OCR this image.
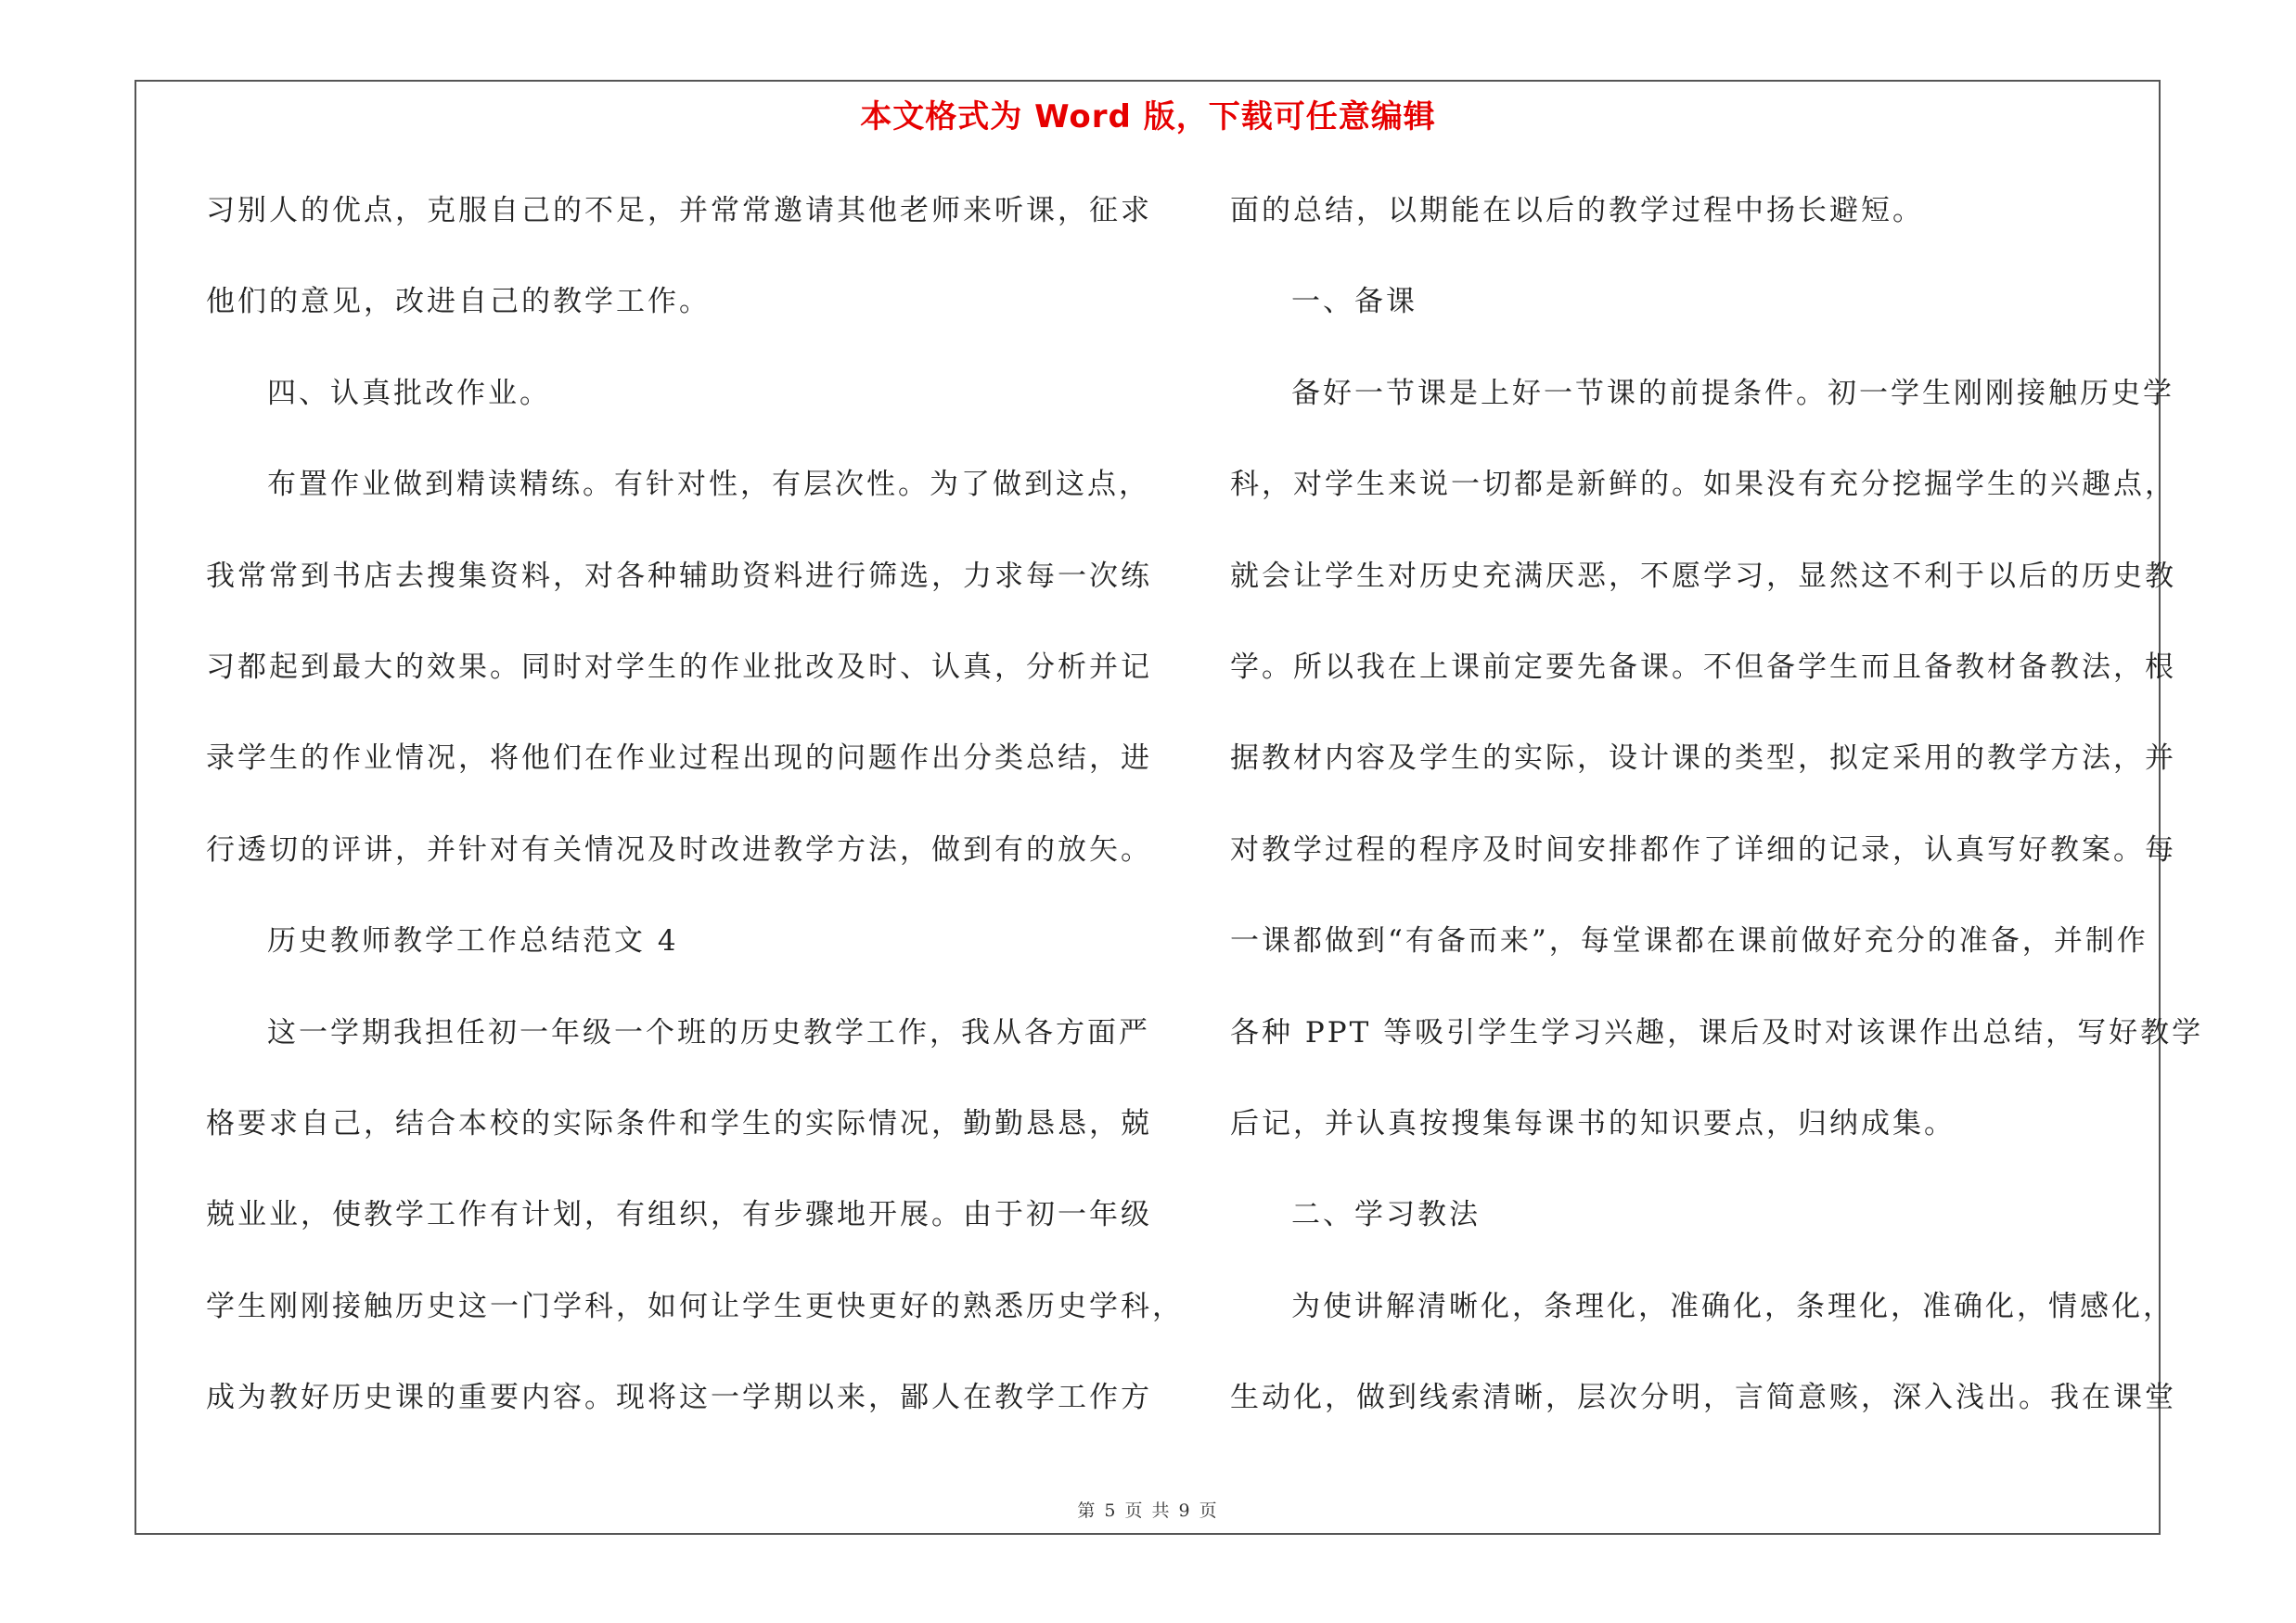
本文格式为 Word 版，下载可任意编辑
习别人的优点，克服自己的不足，并常常邀请其他老师来听课，征求
他们的意见，改进自己的教学工作。
四、认真批改作业。
布置作业做到精读精练。有针对性，有层次性。为了做到这点，
我常常到书店去搜集资料，对各种辅助资料进行筛选，力求每一次练
习都起到最大的效果。同时对学生的作业批改及时、认真，分析并记
录学生的作业情况，将他们在作业过程出现的问题作出分类总结，进
行透切的评讲，并针对有关情况及时改进教学方法，做到有的放矢。
历史教师教学工作总结范文 4
这一学期我担任初一年级一个班的历史教学工作，我从各方面严
格要求自己，结合本校的实际条件和学生的实际情况，勤勤恳恳，兢
兢业业，使教学工作有计划，有组织，有步骤地开展。由于初一年级
学生刚刚接触历史这一门学科，如何让学生更快更好的熟悉历史学科，
成为教好历史课的重要内容。现将这一学期以来，鄙人在教学工作方
面的总结，以期能在以后的教学过程中扬长避短。
一、备课
备好一节课是上好一节课的前提条件。初一学生刚刚接触历史学
科，对学生来说一切都是新鲜的。如果没有充分挖掘学生的兴趣点，
就会让学生对历史充满厌恶，不愿学习，显然这不利于以后的历史教
学。所以我在上课前定要先备课。不但备学生而且备教材备教法，根
据教材内容及学生的实际，设计课的类型，拟定采用的教学方法，并
对教学过程的程序及时间安排都作了详细的记录，认真写好教案。每
一课都做到“有备而来”，每堂课都在课前做好充分的准备，并制作
各种 PPT 等吸引学生学习兴趣，课后及时对该课作出总结，写好教学
后记，并认真按搜集每课书的知识要点，归纳成集。
二、学习教法
为使讲解清晰化，条理化，准确化，条理化，准确化，情感化，
生动化，做到线索清晰，层次分明，言简意赅，深入浅出。我在课堂
第 5 页 共 9 页
